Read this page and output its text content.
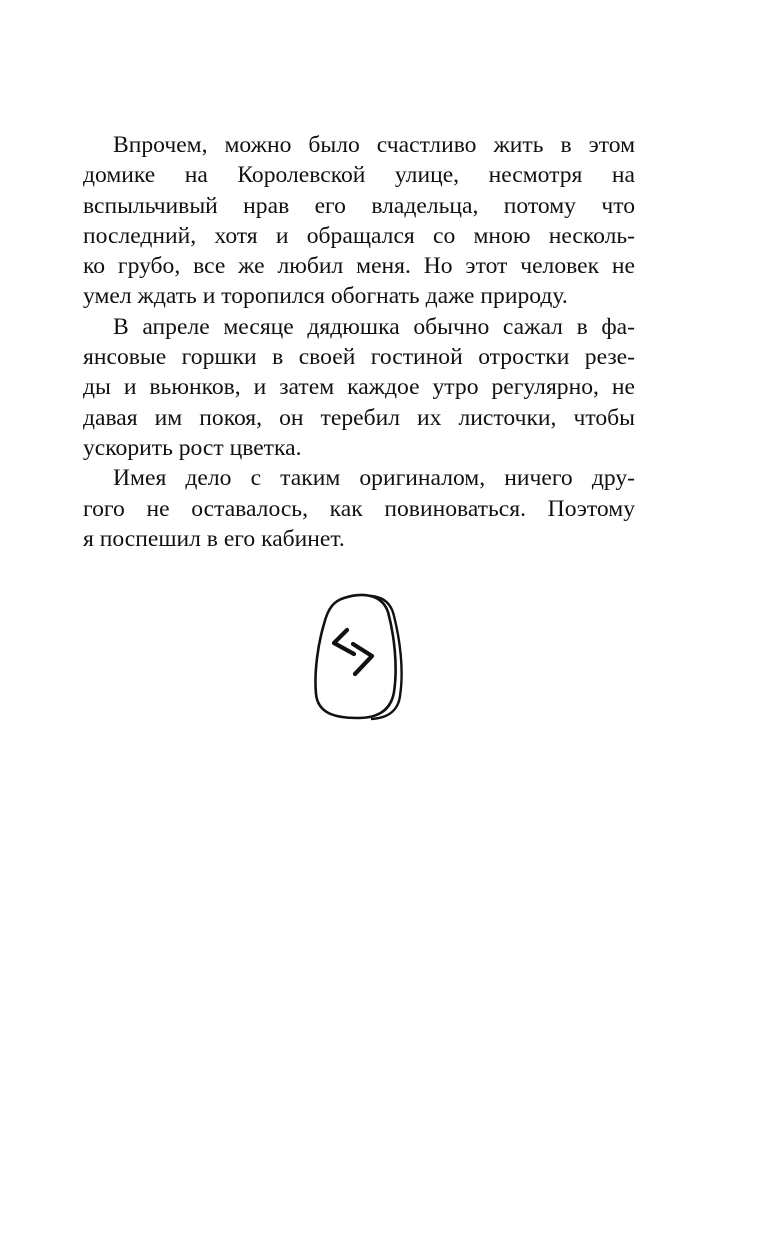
Впрочем, можно было счастливо жить в этом
домике на Королевской улице, несмотря на
вспыльчивый нрав его владельца, потому что
последний, хотя и обращался со мною несколь-
ко грубо, все же любил меня. Но этот человек не
умел ждать и торопился обогнать даже природу.
В апреле месяце дядюшка обычно сажал в фа-
янсовые горшки в своей гостиной отростки резе-
ды и вьюнков, и затем каждое утро регулярно, не
давая им покоя, он теребил их листочки, чтобы
ускорить рост цветка.
Имея дело с таким оригиналом, ничего дру-
гого не оставалось, как повиноваться. Поэтому
я поспешил в его кабинет.
